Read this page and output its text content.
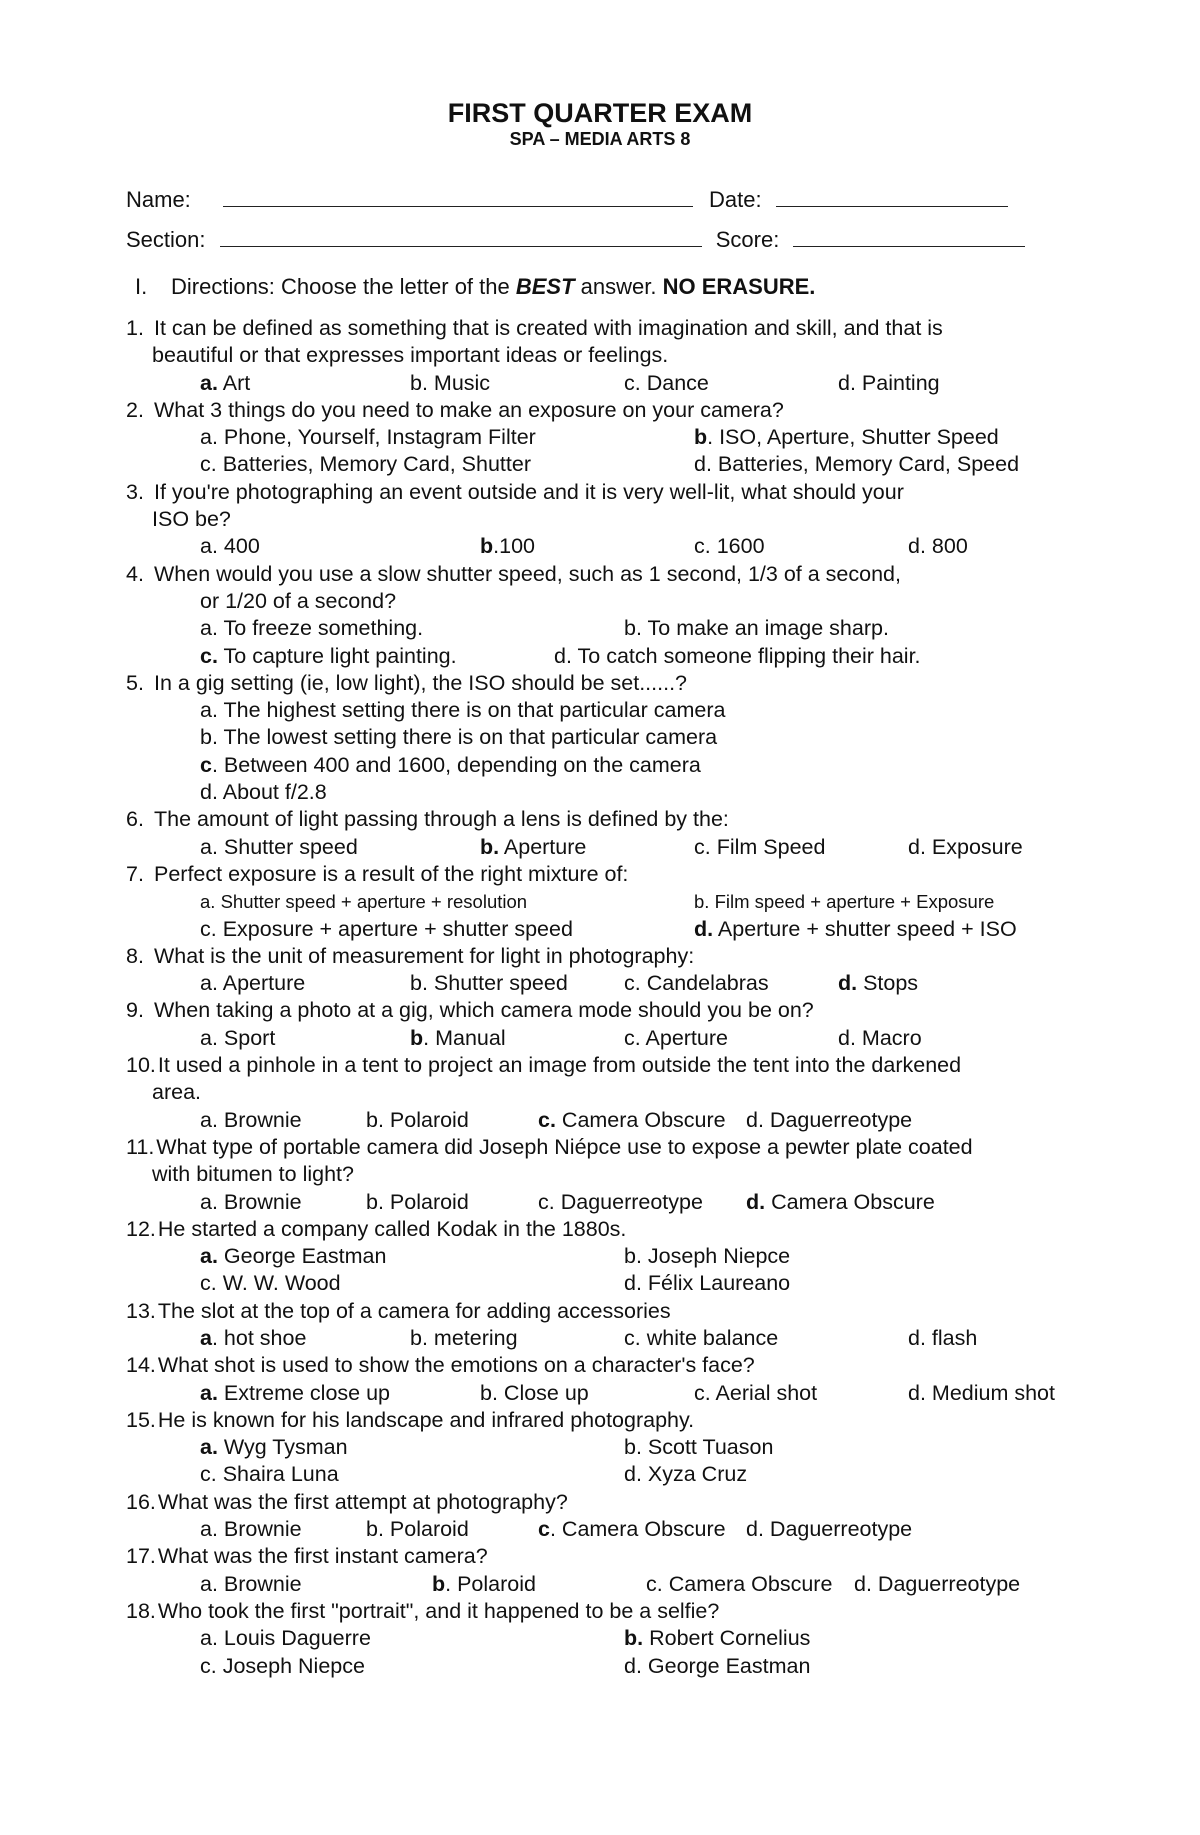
FIRST QUARTER EXAM
SPA – MEDIA ARTS 8
Name:	Date:
Section:	Score:
I. Directions: Choose the letter of the BEST answer. NO ERASURE.
1. It can be defined as something that is created with imagination and skill, and that is
beautiful or that expresses important ideas or feelings.
a. Art	b. Music	c. Dance	d. Painting
2. What 3 things do you need to make an exposure on your camera?
a. Phone, Yourself, Instagram Filter	b. ISO, Aperture, Shutter Speed
c. Batteries, Memory Card, Shutter	d. Batteries, Memory Card, Speed
3. If you're photographing an event outside and it is very well-lit, what should your
ISO be?
a. 400	b.100	c. 1600	d. 800
4. When would you use a slow shutter speed, such as 1 second, 1/3 of a second,
or 1/20 of a second?
a. To freeze something.	b. To make an image sharp.
c. To capture light painting.	d. To catch someone flipping their hair.
5. In a gig setting (ie, low light), the ISO should be set......?
a. The highest setting there is on that particular camera
b. The lowest setting there is on that particular camera
c. Between 400 and 1600, depending on the camera
d. About f/2.8
6. The amount of light passing through a lens is defined by the:
a. Shutter speed	b. Aperture	c. Film Speed	d. Exposure
7. Perfect exposure is a result of the right mixture of:
a. Shutter speed + aperture + resolution	b. Film speed + aperture + Exposure
c. Exposure + aperture + shutter speed	d. Aperture + shutter speed + ISO
8. What is the unit of measurement for light in photography:
a. Aperture	b. Shutter speed	c. Candelabras	d. Stops
9. When taking a photo at a gig, which camera mode should you be on?
a. Sport	b. Manual	c. Aperture	d. Macro
10. It used a pinhole in a tent to project an image from outside the tent into the darkened
area.
a. Brownie	b. Polaroid	c. Camera Obscure d. Daguerreotype
11. What type of portable camera did Joseph Niépce use to expose a pewter plate coated
with bitumen to light?
a. Brownie	b. Polaroid	c. Daguerreotype d. Camera Obscure
12. He started a company called Kodak in the 1880s.
a. George Eastman	b. Joseph Niepce
c. W. W. Wood	d. Félix Laureano
13. The slot at the top of a camera for adding accessories
a. hot shoe	b. metering	c. white balance	d. flash
14. What shot is used to show the emotions on a character's face?
a. Extreme close up	b. Close up	c. Aerial shot	d. Medium shot
15. He is known for his landscape and infrared photography.
a. Wyg Tysman	b. Scott Tuason
c. Shaira Luna	d. Xyza Cruz
16. What was the first attempt at photography?
a. Brownie	b. Polaroid	c. Camera Obscure d. Daguerreotype
17. What was the first instant camera?
a. Brownie	b. Polaroid	c. Camera Obscure d. Daguerreotype
18. Who took the first "portrait", and it happened to be a selfie?
a. Louis Daguerre	b. Robert Cornelius
c. Joseph Niepce	d. George Eastman
